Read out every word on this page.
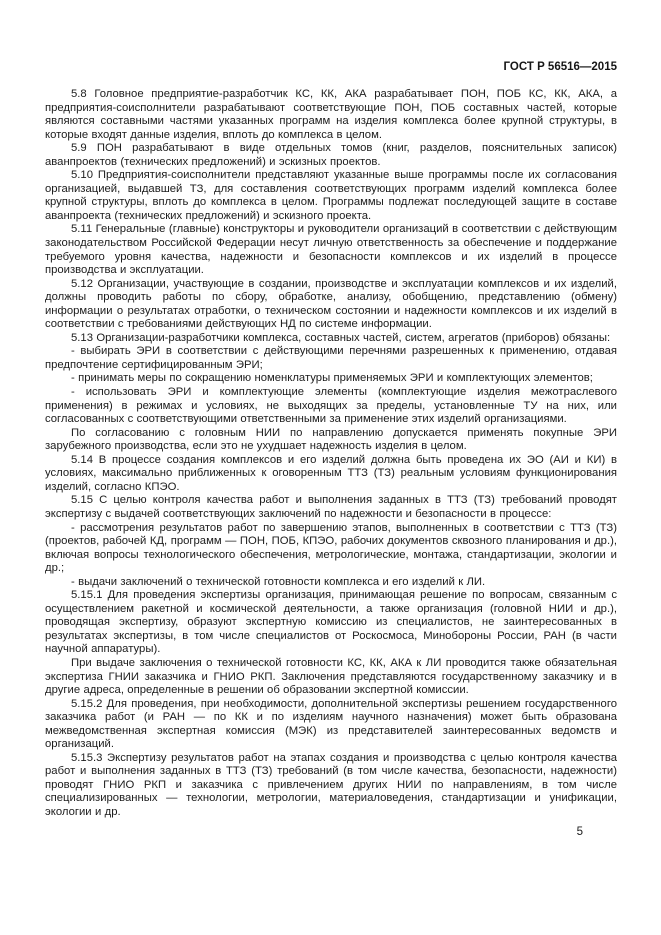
ГОСТ Р 56516—2015

5.8 Головное предприятие-разработчик КС, КК, АКА разрабатывает ПОН, ПОБ КС, КК, АКА, а предприятия-соисполнители разрабатывают соответствующие ПОН, ПОБ составных частей, которые являются составными частями указанных программ на изделия комплекса более крупной структуры, в которые входят данные изделия, вплоть до комплекса в целом.

5.9 ПОН разрабатывают в виде отдельных томов (книг, разделов, пояснительных записок) аванпроектов (технических предложений) и эскизных проектов.

5.10 Предприятия-соисполнители представляют указанные выше программы после их согласования организацией, выдавшей ТЗ, для составления соответствующих программ изделий комплекса более крупной структуры, вплоть до комплекса в целом. Программы подлежат последующей защите в составе аванпроекта (технических предложений) и эскизного проекта.

5.11 Генеральные (главные) конструкторы и руководители организаций в соответствии с действующим законодательством Российской Федерации несут личную ответственность за обеспечение и поддержание требуемого уровня качества, надежности и безопасности комплексов и их изделий в процессе производства и эксплуатации.

5.12 Организации, участвующие в создании, производстве и эксплуатации комплексов и их изделий, должны проводить работы по сбору, обработке, анализу, обобщению, представлению (обмену) информации о результатах отработки, о техническом состоянии и надежности комплексов и их изделий в соответствии с требованиями действующих НД по системе информации.

5.13 Организации-разработчики комплекса, составных частей, систем, агрегатов (приборов) обязаны:

- выбирать ЭРИ в соответствии с действующими перечнями разрешенных к применению, отдавая предпочтение сертифицированным ЭРИ;

- принимать меры по сокращению номенклатуры применяемых ЭРИ и комплектующих элементов;

- использовать ЭРИ и комплектующие элементы (комплектующие изделия межотраслевого применения) в режимах и условиях, не выходящих за пределы, установленные ТУ на них, или согласованных с соответствующими ответственными за применение этих изделий организациями.

По согласованию с головным НИИ по направлению допускается применять покупные ЭРИ зарубежного производства, если это не ухудшает надежность изделия в целом.

5.14 В процессе создания комплексов и его изделий должна быть проведена их ЭО (АИ и КИ) в условиях, максимально приближенных к оговоренным ТТЗ (ТЗ) реальным условиям функционирования изделий, согласно КПЭО.

5.15 С целью контроля качества работ и выполнения заданных в ТТЗ (ТЗ) требований проводят экспертизу с выдачей соответствующих заключений по надежности и безопасности в процессе:

- рассмотрения результатов работ по завершению этапов, выполненных в соответствии с ТТЗ (ТЗ) (проектов, рабочей КД, программ — ПОН, ПОБ, КПЭО, рабочих документов сквозного планирования и др.), включая вопросы технологического обеспечения, метрологические, монтажа, стандартизации, экологии и др.;

- выдачи заключений о технической готовности комплекса и его изделий к ЛИ.

5.15.1 Для проведения экспертизы организация, принимающая решение по вопросам, связанным с осуществлением ракетной и космической деятельности, а также организация (головной НИИ и др.), проводящая экспертизу, образуют экспертную комиссию из специалистов, не заинтересованных в результатах экспертизы, в том числе специалистов от Роскосмоса, Минобороны России, РАН (в части научной аппаратуры).

При выдаче заключения о технической готовности КС, КК, АКА к ЛИ проводится также обязательная экспертиза ГНИИ заказчика и ГНИО РКП. Заключения представляются государственному заказчику и в другие адреса, определенные в решении об образовании экспертной комиссии.

5.15.2 Для проведения, при необходимости, дополнительной экспертизы решением государственного заказчика работ (и РАН — по КК и по изделиям научного назначения) может быть образована межведомственная экспертная комиссия (МЭК) из представителей заинтересованных ведомств и организаций.

5.15.3 Экспертизу результатов работ на этапах создания и производства с целью контроля качества работ и выполнения заданных в ТТЗ (ТЗ) требований (в том числе качества, безопасности, надежности) проводят ГНИО РКП и заказчика с привлечением других НИИ по направлениям, в том числе специализированных — технологии, метрологии, материаловедения, стандартизации и унификации, экологии и др.

5
